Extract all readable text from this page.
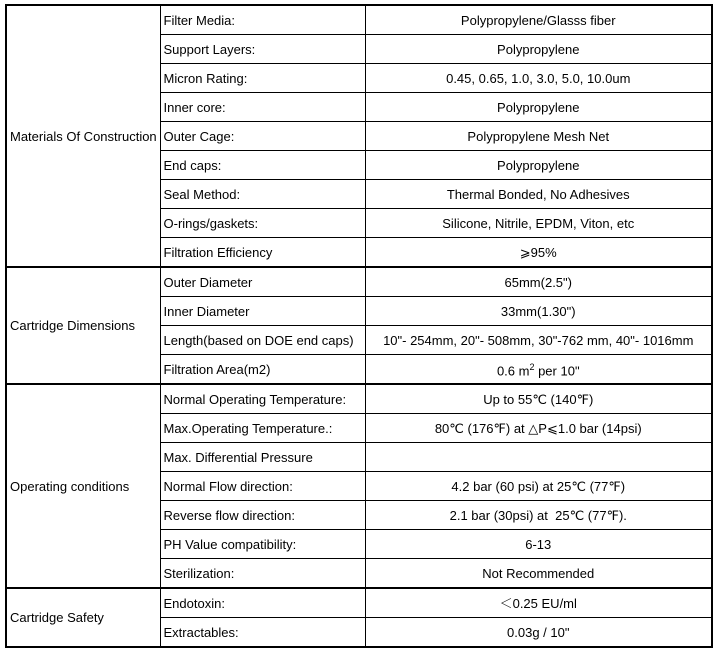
Materials Of Construction	Filter Media:	Polypropylene/Glasss fiber
	Support Layers:	Polypropylene
	Micron Rating:	0.45, 0.65, 1.0, 3.0, 5.0, 10.0um
	Inner core:	Polypropylene
	Outer Cage:	Polypropylene Mesh Net
	End caps:	Polypropylene
	Seal Method:	Thermal Bonded, No Adhesives
	O-rings/gaskets:	Silicone, Nitrile, EPDM, Viton, etc
	Filtration Efficiency	⩾95%
Cartridge Dimensions	Outer Diameter	65mm(2.5")
	Inner Diameter	33mm(1.30")
	Length(based on DOE end caps)	10"- 254mm, 20"- 508mm, 30"-762 mm, 40"- 1016mm
	Filtration Area(m2)	0.6 $m^2$ per 10"
Operating conditions	Normal Operating Temperature:	Up to 55℃ (140℉)
	Max.Operating Temperature.:	80℃ (176℉) at △P⩽1.0 bar (14psi)
	Max. Differential Pressure	
	Normal Flow direction:	4.2 bar (60 psi) at 25℃ (77℉)
	Reverse flow direction:	2.1 bar (30psi) at  25℃ (77℉).
	PH Value compatibility:	6-13
	Sterilization:	Not Recommended
Cartridge Safety	Endotoxin:	＜0.25 EU/ml
	Extractables:	0.03g / 10"
